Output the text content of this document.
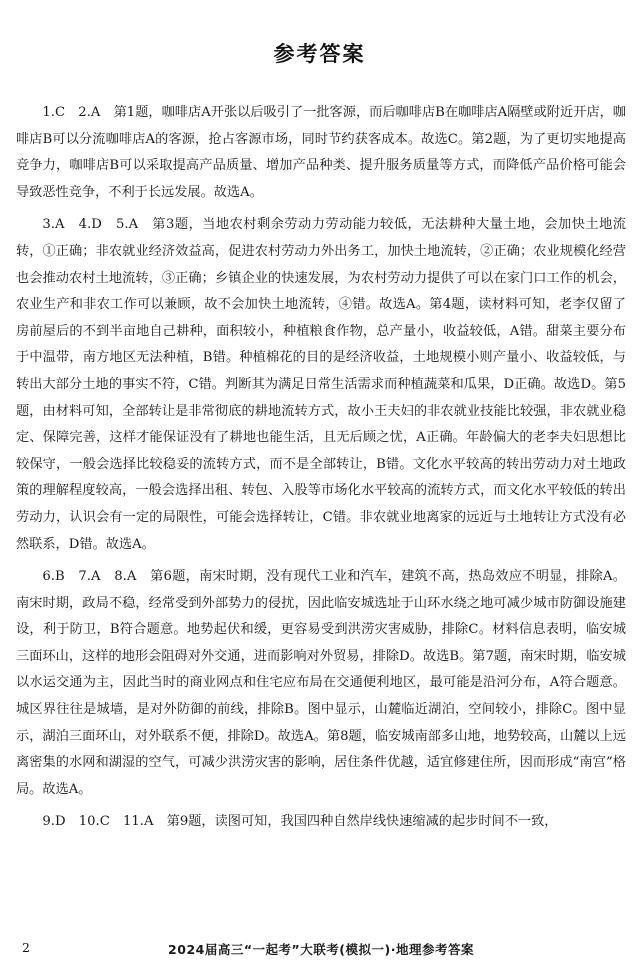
参考答案

1.C　2.A　第1题，咖啡店A开张以后吸引了一批客源，而后咖啡店B在咖啡店A隔壁或附近开店，咖啡店B可以分流咖啡店A的客源，抢占客源市场，同时节约获客成本。故选C。第2题，为了更切实地提高竞争力，咖啡店B可以采取提高产品质量、增加产品种类、提升服务质量等方式，而降低产品价格可能会导致恶性竞争，不利于长远发展。故选A。

3.A　4.D　5.A　第3题，当地农村剩余劳动力劳动能力较低，无法耕种大量土地，会加快土地流转，①正确；非农就业经济效益高，促进农村劳动力外出务工，加快土地流转，②正确；农业规模化经营也会推动农村土地流转，③正确；乡镇企业的快速发展，为农村劳动力提供了可以在家门口工作的机会，农业生产和非农工作可以兼顾，故不会加快土地流转，④错。故选A。第4题，读材料可知，老李仅留了房前屋后的不到半亩地自己耕种，面积较小，种植粮食作物，总产量小，收益较低，A错。甜菜主要分布于中温带，南方地区无法种植，B错。种植棉花的目的是经济收益，土地规模小则产量小、收益较低，与转出大部分土地的事实不符，C错。判断其为满足日常生活需求而种植蔬菜和瓜果，D正确。故选D。第5题，由材料可知，全部转让是非常彻底的耕地流转方式，故小王夫妇的非农就业技能比较强，非农就业稳定、保障完善，这样才能保证没有了耕地也能生活，且无后顾之忧，A正确。年龄偏大的老李夫妇思想比较保守，一般会选择比较稳妥的流转方式，而不是全部转让，B错。文化水平较高的转出劳动力对土地政策的理解程度较高，一般会选择出租、转包、入股等市场化水平较高的流转方式，而文化水平较低的转出劳动力，认识会有一定的局限性，可能会选择转让，C错。非农就业地离家的远近与土地转让方式没有必然联系，D错。故选A。

6.B　7.A　8.A　第6题，南宋时期，没有现代工业和汽车，建筑不高，热岛效应不明显，排除A。南宋时期，政局不稳，经常受到外部势力的侵扰，因此临安城选址于山环水绕之地可减少城市防御设施建设，利于防卫，B符合题意。地势起伏和缓，更容易受到洪涝灾害威胁，排除C。材料信息表明，临安城三面环山，这样的地形会阻碍对外交通，进而影响对外贸易，排除D。故选B。第7题，南宋时期，临安城以水运交通为主，因此当时的商业网点和住宅应布局在交通便利地区，最可能是沿河分布，A符合题意。城区界往往是城墙，是对外防御的前线，排除B。图中显示，山麓临近湖泊，空间较小，排除C。图中显示，湖泊三面环山，对外联系不便，排除D。故选A。第8题，临安城南部多山地，地势较高，山麓以上远离密集的水网和湖湿的空气，可减少洪涝灾害的影响，居住条件优越，适宜修建住所，因而形成“南宫”格局。故选A。

9.D　10.C　11.A　第9题，读图可知，我国四种自然岸线快速缩减的起步时间不一致，

2	2024届高三“一起考”大联考(模拟一)·地理参考答案
